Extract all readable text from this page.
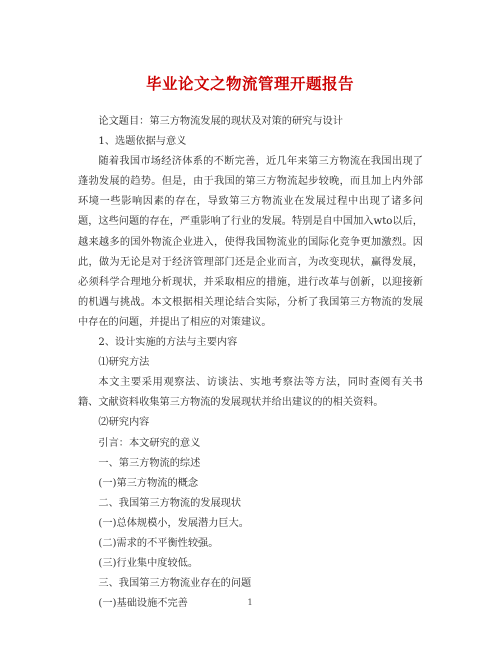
毕业论文之物流管理开题报告

论文题目：第三方物流发展的现状及对策的研究与设计

1、选题依据与意义

随着我国市场经济体系的不断完善，近几年来第三方物流在我国出现了蓬勃发展的趋势。但是，由于我国的第三方物流起步较晚，而且加上内外部环境一些影响因素的存在，导致第三方物流业在发展过程中出现了诸多问题，这些问题的存在，严重影响了行业的发展。特别是自中国加入wto以后，越来越多的国外物流企业进入，使得我国物流业的国际化竞争更加激烈。因此，做为无论是对于经济管理部门还是企业而言，为改变现状，赢得发展，必须科学合理地分析现状，并采取相应的措施，进行改革与创新，以迎接新的机遇与挑战。本文根据相关理论结合实际，分析了我国第三方物流的发展中存在的问题，并提出了相应的对策建议。

2、设计实施的方法与主要内容

⑴研究方法

本文主要采用观察法、访谈法、实地考察法等方法，同时查阅有关书籍、文献资料收集第三方物流的发展现状并给出建议的的相关资料。

⑵研究内容

引言：本文研究的意义

一、第三方物流的综述

(一)第三方物流的概念

二、我国第三方物流的发展现状

(一)总体规模小，发展潜力巨大。

(二)需求的不平衡性较强。

(三)行业集中度较低。

三、我国第三方物流业存在的问题

(一)基础设施不完善	1
